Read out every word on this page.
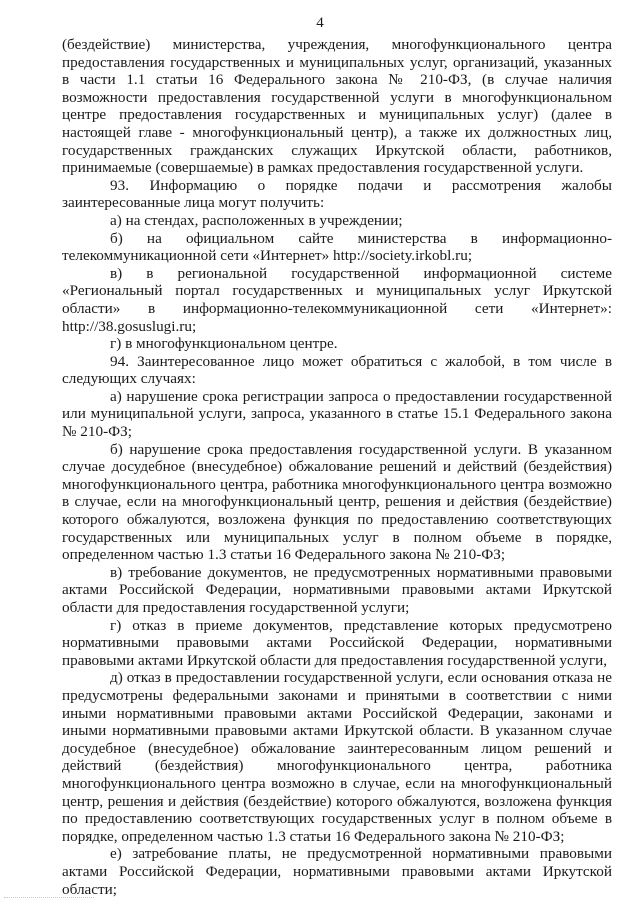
4

(бездействие) министерства, учреждения, многофункционального центра предоставления государственных и муниципальных услуг, организаций, указанных в части 1.1 статьи 16 Федерального закона № 210-ФЗ, (в случае наличия возможности предоставления государственной услуги в многофункциональном центре предоставления государственных и муниципальных услуг) (далее в настоящей главе - многофункциональный центр), а также их должностных лиц, государственных гражданских служащих Иркутской области, работников, принимаемые (совершаемые) в рамках предоставления государственной услуги.

93. Информацию о порядке подачи и рассмотрения жалобы заинтересованные лица могут получить:

а) на стендах, расположенных в учреждении;

б) на официальном сайте министерства в информационно-телекоммуникационной сети «Интернет» http://society.irkobl.ru;

в) в региональной государственной информационной системе «Региональный портал государственных и муниципальных услуг Иркутской области» в информационно-телекоммуникационной сети «Интернет»: http://38.gosuslugi.ru;

г) в многофункциональном центре.

94. Заинтересованное лицо может обратиться с жалобой, в том числе в следующих случаях:

а) нарушение срока регистрации запроса о предоставлении государственной или муниципальной услуги, запроса, указанного в статье 15.1 Федерального закона № 210-ФЗ;

б) нарушение срока предоставления государственной услуги. В указанном случае досудебное (внесудебное) обжалование решений и действий (бездействия) многофункционального центра, работника многофункционального центра возможно в случае, если на многофункциональный центр, решения и действия (бездействие) которого обжалуются, возложена функция по предоставлению соответствующих государственных или муниципальных услуг в полном объеме в порядке, определенном частью 1.3 статьи 16 Федерального закона № 210-ФЗ;

в) требование документов, не предусмотренных нормативными правовыми актами Российской Федерации, нормативными правовыми актами Иркутской области для предоставления государственной услуги;

г) отказ в приеме документов, представление которых предусмотрено нормативными правовыми актами Российской Федерации, нормативными правовыми актами Иркутской области для предоставления государственной услуги,

д) отказ в предоставлении государственной услуги, если основания отказа не предусмотрены федеральными законами и принятыми в соответствии с ними иными нормативными правовыми актами Российской Федерации, законами и иными нормативными правовыми актами Иркутской области. В указанном случае досудебное (внесудебное) обжалование заинтересованным лицом решений и действий (бездействия) многофункционального центра, работника многофункционального центра возможно в случае, если на многофункциональный центр, решения и действия (бездействие) которого обжалуются, возложена функция по предоставлению соответствующих государственных услуг в полном объеме в порядке, определенном частью 1.3 статьи 16 Федерального закона № 210-ФЗ;

е) затребование платы, не предусмотренной нормативными правовыми актами Российской Федерации, нормативными правовыми актами Иркутской области;
